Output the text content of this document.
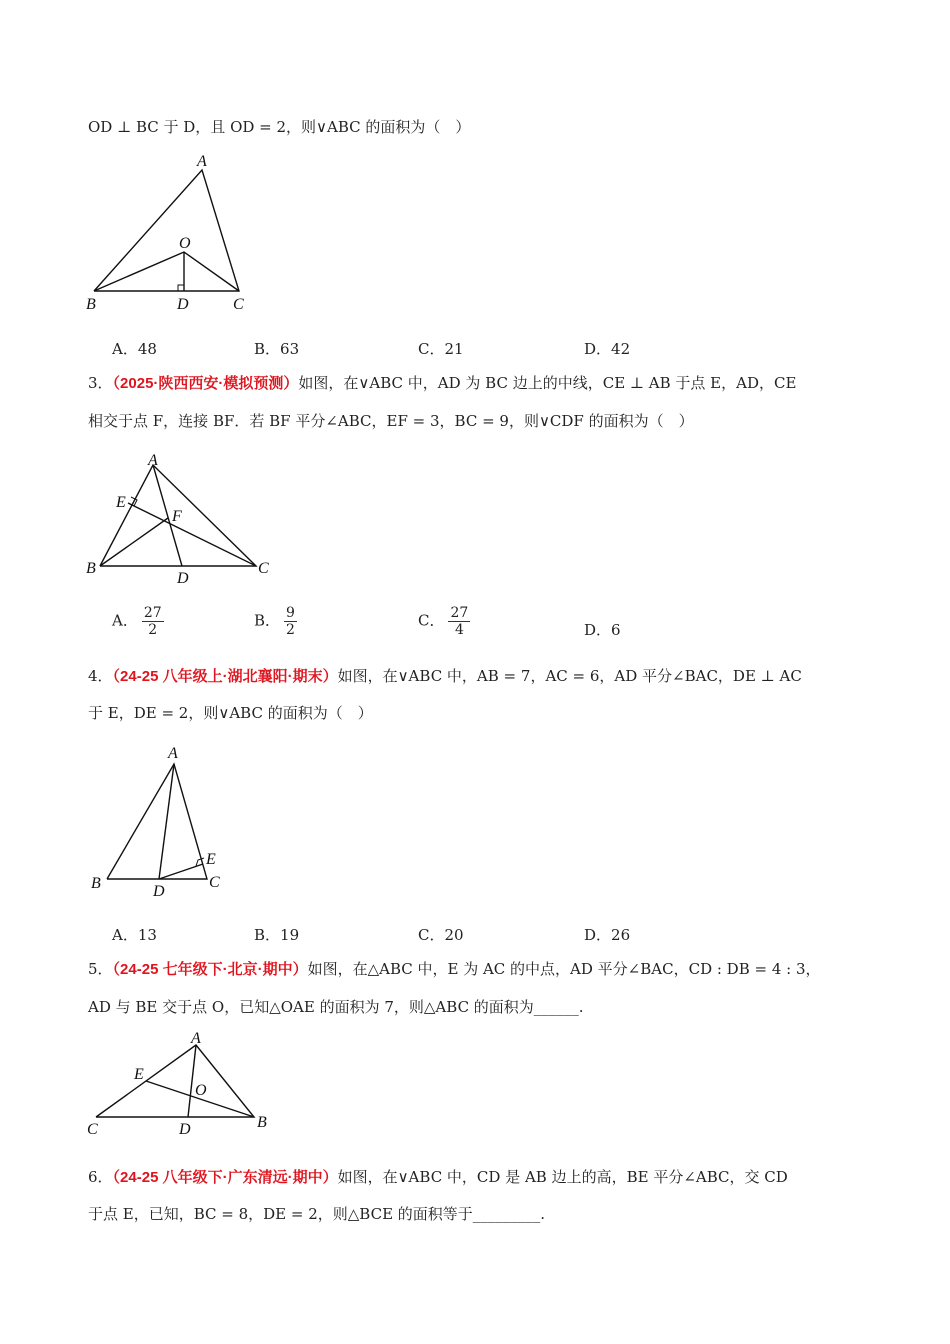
OD ⊥ BC 于 D，且 OD = 2，则∨ABC 的面积为（　）
A
O
B	D	C
A
E
F
B
D
C
A
E
C
B	D
A
E
O
C	D	B
A．48	B．63	C．21	D．42
3．（2025·陕西西安·模拟预测）如图，在∨ABC 中，AD 为 BC 边上的中线，CE ⊥ AB 于点 E，AD，CE
相交于点 F，连接 BF．若 BF 平分∠ABC，EF = 3，BC = 9，则∨CDF 的面积为（　）
A． $\frac{27}{2}$	B． $\frac{9}{2}$	C． $\frac{27}{4}$	D．6
4．（24-25 八年级上·湖北襄阳·期末）如图，在∨ABC 中，AB = 7，AC = 6，AD 平分∠BAC，DE ⊥ AC
于 E，DE = 2，则∨ABC 的面积为（　）
A．13	B．19	C．20	D．26
5．（24-25 七年级下·北京·期中）如图，在△ABC 中，E 为 AC 的中点，AD 平分∠BAC，CD : DB = 4 : 3，
AD 与 BE 交于点 O，已知△OAE 的面积为 7，则△ABC 的面积为______.
6．（24-25 八年级下·广东清远·期中）如图，在∨ABC 中，CD 是 AB 边上的高，BE 平分∠ABC，交 CD
于点 E，已知，BC = 8，DE = 2，则△BCE 的面积等于_________.
